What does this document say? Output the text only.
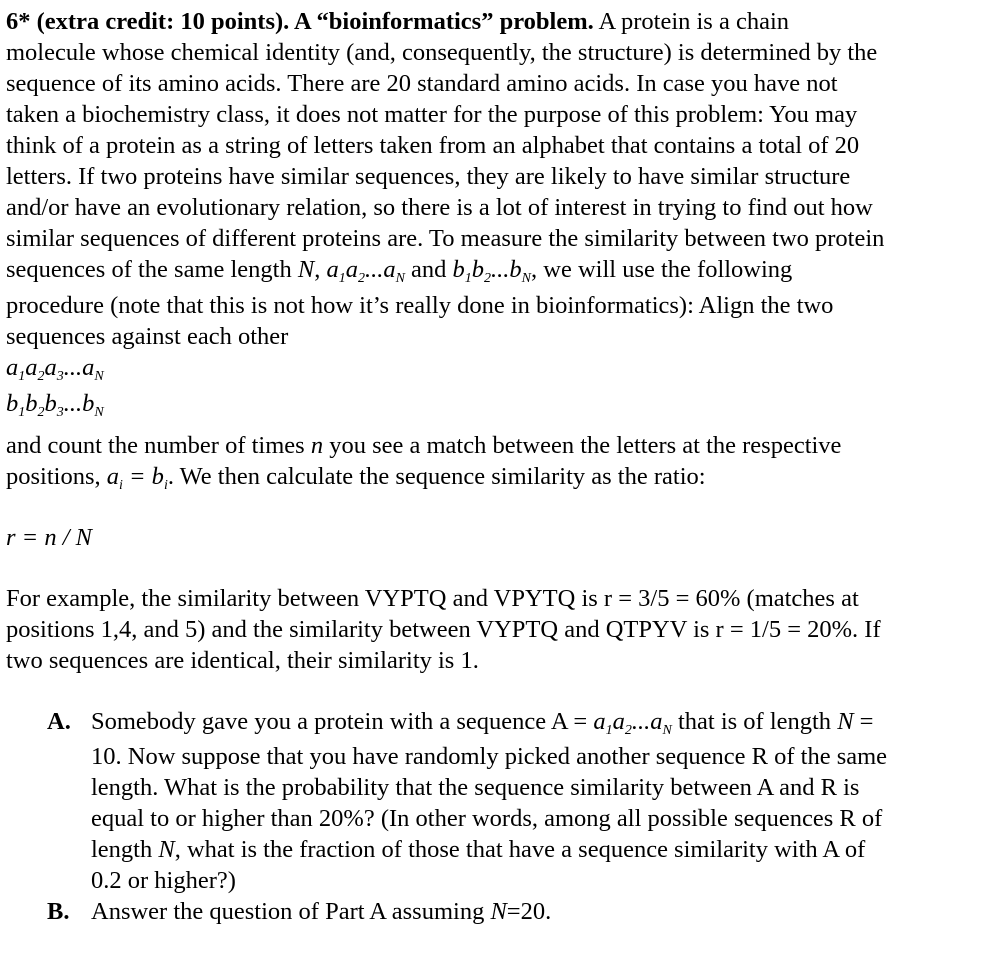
6* (extra credit: 10 points). A “bioinformatics” problem. A protein is a chain
molecule whose chemical identity (and, consequently, the structure) is determined by the
sequence of its amino acids. There are 20 standard amino acids. In case you have not
taken a biochemistry class, it does not matter for the purpose of this problem: You may
think of a protein as a string of letters taken from an alphabet that contains a total of 20
letters. If two proteins have similar sequences, they are likely to have similar structure
and/or have an evolutionary relation, so there is a lot of interest in trying to find out how
similar sequences of different proteins are. To measure the similarity between two protein
sequences of the same length N, $a_1a_2...a_N$ and $b_1b_2...b_N$, we will use the following
procedure (note that this is not how it’s really done in bioinformatics): Align the two
sequences against each other
$a_1a_2a_3...a_N$
$b_1b_2b_3...b_N$
and count the number of times n you see a match between the letters at the respective
positions, $a_i = b_i$. We then calculate the sequence similarity as the ratio:
r = n / N
For example, the similarity between VYPTQ and VPYTQ is r = 3/5 = 60% (matches at
positions 1,4, and 5) and the similarity between VYPTQ and QTPYV is r = 1/5 = 20%. If
two sequences are identical, their similarity is 1.
A. Somebody gave you a protein with a sequence $A = a_1a_2...a_N$ that is of length N =
10. Now suppose that you have randomly picked another sequence R of the same
length. What is the probability that the sequence similarity between A and R is
equal to or higher than 20%? (In other words, among all possible sequences R of
length N, what is the fraction of those that have a sequence similarity with A of
0.2 or higher?)
B. Answer the question of Part A assuming N=20.
